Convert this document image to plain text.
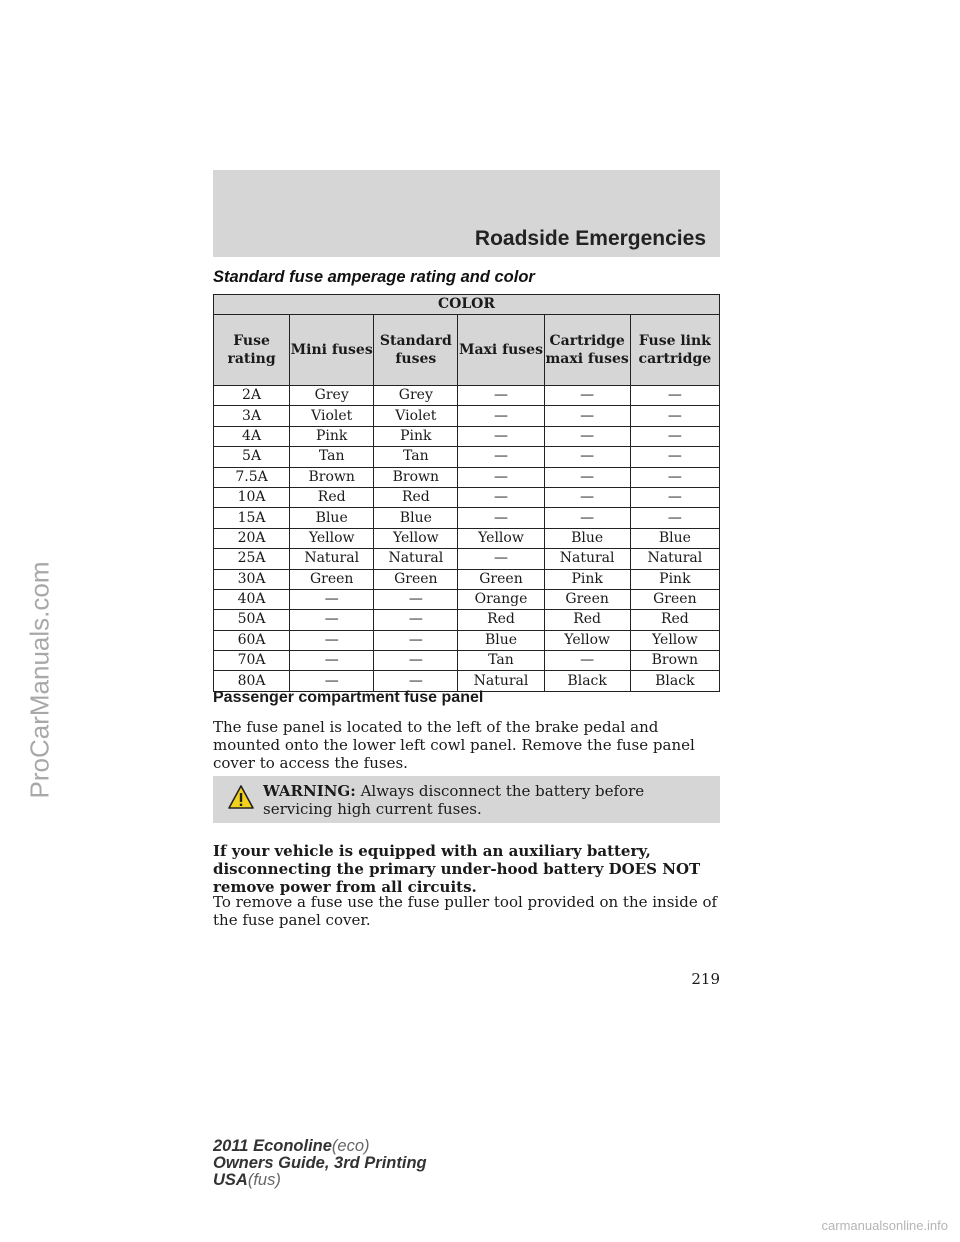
Roadside Emergencies
ProCarManuals.com
Standard fuse amperage rating and color
COLOR					
Fuse rating	Mini fuses	Standard fuses	Maxi fuses	Cartridge maxi fuses	Fuse link cartridge
2A	Grey	Grey	—	—	—
3A	Violet	Violet	—	—	—
4A	Pink	Pink	—	—	—
5A	Tan	Tan	—	—	—
7.5A	Brown	Brown	—	—	—
10A	Red	Red	—	—	—
15A	Blue	Blue	—	—	—
20A	Yellow	Yellow	Yellow	Blue	Blue
25A	Natural	Natural	—	Natural	Natural
30A	Green	Green	Green	Pink	Pink
40A	—	—	Orange	Green	Green
50A	—	—	Red	Red	Red
60A	—	—	Blue	Yellow	Yellow
70A	—	—	Tan	—	Brown
80A	—	—	Natural	Black	Black
Passenger compartment fuse panel
The fuse panel is located to the left of the brake pedal and mounted onto the lower left cowl panel. Remove the fuse panel cover to access the fuses.
WARNING: Always disconnect the battery before servicing high current fuses.
If your vehicle is equipped with an auxiliary battery, disconnecting the primary under-hood battery DOES NOT remove power from all circuits.
To remove a fuse use the fuse puller tool provided on the inside of the fuse panel cover.
219
2011 Econoline(eco)
Owners Guide, 3rd Printing
USA(fus)
carmanualsonline.info
